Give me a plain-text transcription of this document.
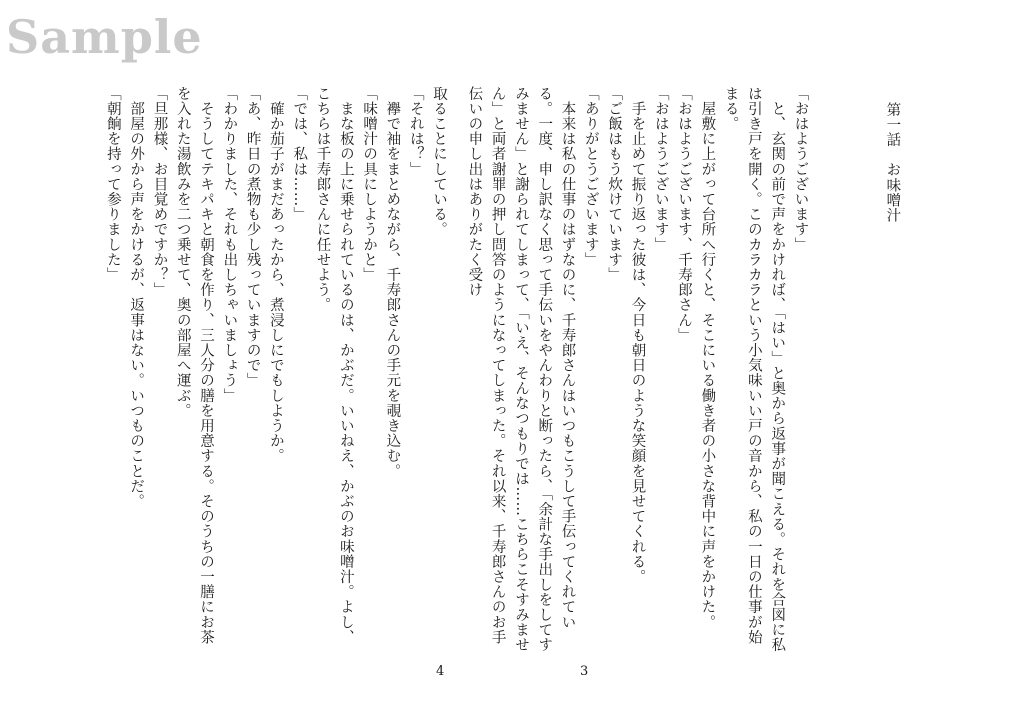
Sample

第一話　お味噌汁

「おはようございます」

と、玄関の前で声をかければ、「はい」と奥から返事が聞こえる。それを合図に私は引き戸を開く。このカラカラという小気味いい戸の音から、私の一日の仕事が始まる。

屋敷に上がって台所へ行くと、そこにいる働き者の小さな背中に声をかけた。

「おはようございます、千寿郎さん」

「おはようございます」

手を止めて振り返った彼は、今日も朝日のような笑顔を見せてくれる。

「ご飯はもう炊けています」

「ありがとうございます」

本来は私の仕事のはずなのに、千寿郎さんはいつもこうして手伝ってくれている。一度、申し訳なく思って手伝いをやんわりと断ったら、「余計な手出しをしてすみません」と謝られてしまって、「いえ、そんなつもりでは……こちらこそすみません」と両者謝罪の押し問答のようになってしまった。それ以来、千寿郎さんのお手伝いの申し出はありがたく受け

取ることにしている。

「それは？」

襷で袖をまとめながら、千寿郎さんの手元を覗き込む。

「味噌汁の具にしようかと」

まな板の上に乗せられているのは、かぶだ。いいねえ、かぶのお味噌汁。よし、こちらは千寿郎さんに任せよう。

「では、私は……」

確か茄子がまだあったから、煮浸しにでもしようか。

「あ、昨日の煮物も少し残っていますので」

「わかりました、それも出しちゃいましょう」

そうしてテキパキと朝食を作り、三人分の膳を用意する。そのうちの一膳にお茶を入れた湯飲みを二つ乗せて、奥の部屋へ運ぶ。

「旦那様、お目覚めですか？」

部屋の外から声をかけるが、返事はない。いつものことだ。

「朝餉を持って参りました」

4	3
